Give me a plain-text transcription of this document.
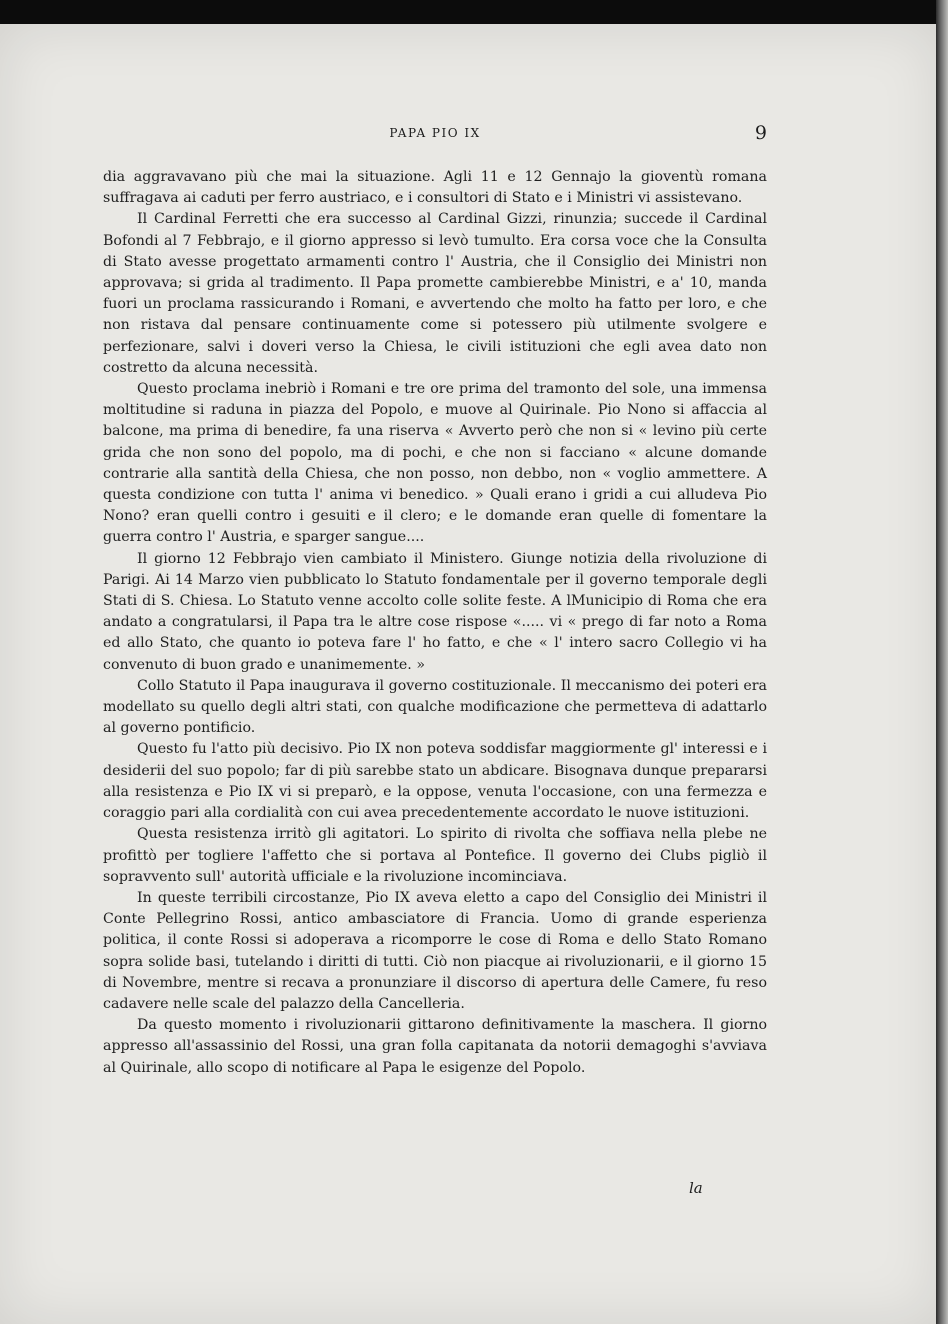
PAPA PIO IX	9

dia aggravavano più che mai la situazione. Agli 11 e 12 Gennajo la gioventù romana suffragava ai caduti per ferro austriaco, e i consultori di Stato e i Ministri vi assistevano.

Il Cardinal Ferretti che era successo al Cardinal Gizzi, rinunzia; succede il Cardinal Bofondi al 7 Febbrajo, e il giorno appresso si levò tumulto. Era corsa voce che la Consulta di Stato avesse progettato armamenti contro l' Austria, che il Consiglio dei Ministri non approvava; si grida al tradimento. Il Papa promette cambierebbe Ministri, e a' 10, manda fuori un proclama rassicurando i Romani, e avvertendo che molto ha fatto per loro, e che non ristava dal pensare continuamente come si potessero più utilmente svolgere e perfezionare, salvi i doveri verso la Chiesa, le civili istituzioni che egli avea dato non costretto da alcuna necessità.

Questo proclama inebriò i Romani e tre ore prima del tramonto del sole, una immensa moltitudine si raduna in piazza del Popolo, e muove al Quirinale. Pio Nono si affaccia al balcone, ma prima di benedire, fa una riserva « Avverto però che non si « levino più certe grida che non sono del popolo, ma di pochi, e che non si facciano « alcune domande contrarie alla santità della Chiesa, che non posso, non debbo, non « voglio ammettere. A questa condizione con tutta l' anima vi benedico. » Quali erano i gridi a cui alludeva Pio Nono? eran quelli contro i gesuiti e il clero; e le domande eran quelle di fomentare la guerra contro l' Austria, e sparger sangue....

Il giorno 12 Febbrajo vien cambiato il Ministero. Giunge notizia della rivoluzione di Parigi. Ai 14 Marzo vien pubblicato lo Statuto fondamentale per il governo temporale degli Stati di S. Chiesa. Lo Statuto venne accolto colle solite feste. A lMunicipio di Roma che era andato a congratularsi, il Papa tra le altre cose rispose «..... vi « prego di far noto a Roma ed allo Stato, che quanto io poteva fare l' ho fatto, e che « l' intero sacro Collegio vi ha convenuto di buon grado e unanimemente. »

Collo Statuto il Papa inaugurava il governo costituzionale. Il meccanismo dei poteri era modellato su quello degli altri stati, con qualche modificazione che permetteva di adattarlo al governo pontificio.

Questo fu l'atto più decisivo. Pio IX non poteva soddisfar maggiormente gl' interessi e i desiderii del suo popolo; far di più sarebbe stato un abdicare. Bisognava dunque prepararsi alla resistenza e Pio IX vi si preparò, e la oppose, venuta l'occasione, con una fermezza e coraggio pari alla cordialità con cui avea precedentemente accordato le nuove istituzioni.

Questa resistenza irritò gli agitatori. Lo spirito di rivolta che soffiava nella plebe ne profittò per togliere l'affetto che si portava al Pontefice. Il governo dei Clubs pigliò il sopravvento sull' autorità ufficiale e la rivoluzione incominciava.

In queste terribili circostanze, Pio IX aveva eletto a capo del Consiglio dei Ministri il Conte Pellegrino Rossi, antico ambasciatore di Francia. Uomo di grande esperienza politica, il conte Rossi si adoperava a ricomporre le cose di Roma e dello Stato Romano sopra solide basi, tutelando i diritti di tutti. Ciò non piacque ai rivoluzionarii, e il giorno 15 di Novembre, mentre si recava a pronunziare il discorso di apertura delle Camere, fu reso cadavere nelle scale del palazzo della Cancelleria.

Da questo momento i rivoluzionarii gittarono definitivamente la maschera. Il giorno appresso all'assassinio del Rossi, una gran folla capitanata da notorii demagoghi s'avviava al Quirinale, allo scopo di notificare al Papa le esigenze del Popolo.

la
